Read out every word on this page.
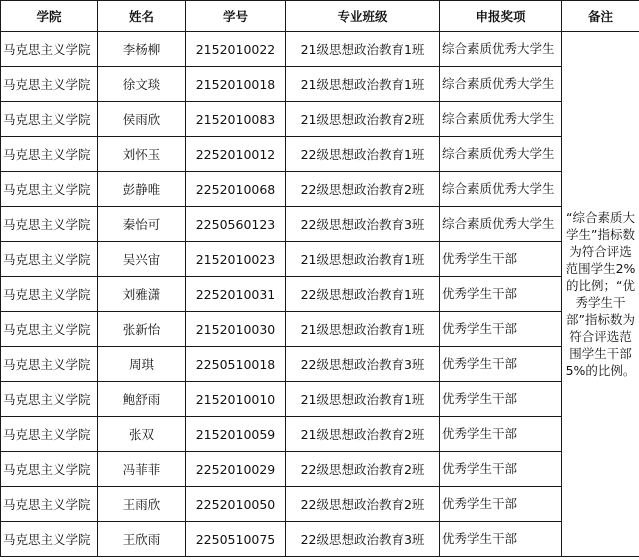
学院	姓名	学号	专业班级	申报奖项	备注
马克思主义学院	李杨柳	2152010022	21级思想政治教育1班	综合素质优秀大学生	“综合素质大学生”指标数为符合评选范围学生2%的比例；“优秀学生干部”指标数为符合评选范围学生干部5%的比例。
马克思主义学院	徐文琰	2152010018	21级思想政治教育1班	综合素质优秀大学生	
马克思主义学院	侯雨欣	2152010083	21级思想政治教育2班	综合素质优秀大学生	
马克思主义学院	刘怀玉	2252010012	22级思想政治教育1班	综合素质优秀大学生	
马克思主义学院	彭静唯	2252010068	22级思想政治教育2班	综合素质优秀大学生	
马克思主义学院	秦怡可	2250560123	22级思想政治教育3班	综合素质优秀大学生	
马克思主义学院	吴兴宙	2152010023	21级思想政治教育1班	优秀学生干部	
马克思主义学院	刘雅潇	2252010031	22级思想政治教育1班	优秀学生干部	
马克思主义学院	张新怡	2152010030	21级思想政治教育1班	优秀学生干部	
马克思主义学院	周琪	2250510018	22级思想政治教育3班	优秀学生干部	
马克思主义学院	鲍舒雨	2152010010	21级思想政治教育1班	优秀学生干部	
马克思主义学院	张双	2152010059	21级思想政治教育2班	优秀学生干部	
马克思主义学院	冯菲菲	2252010029	22级思想政治教育2班	优秀学生干部	
马克思主义学院	王雨欣	2252010050	22级思想政治教育2班	优秀学生干部	
马克思主义学院	王欣雨	2250510075	22级思想政治教育3班	优秀学生干部	
